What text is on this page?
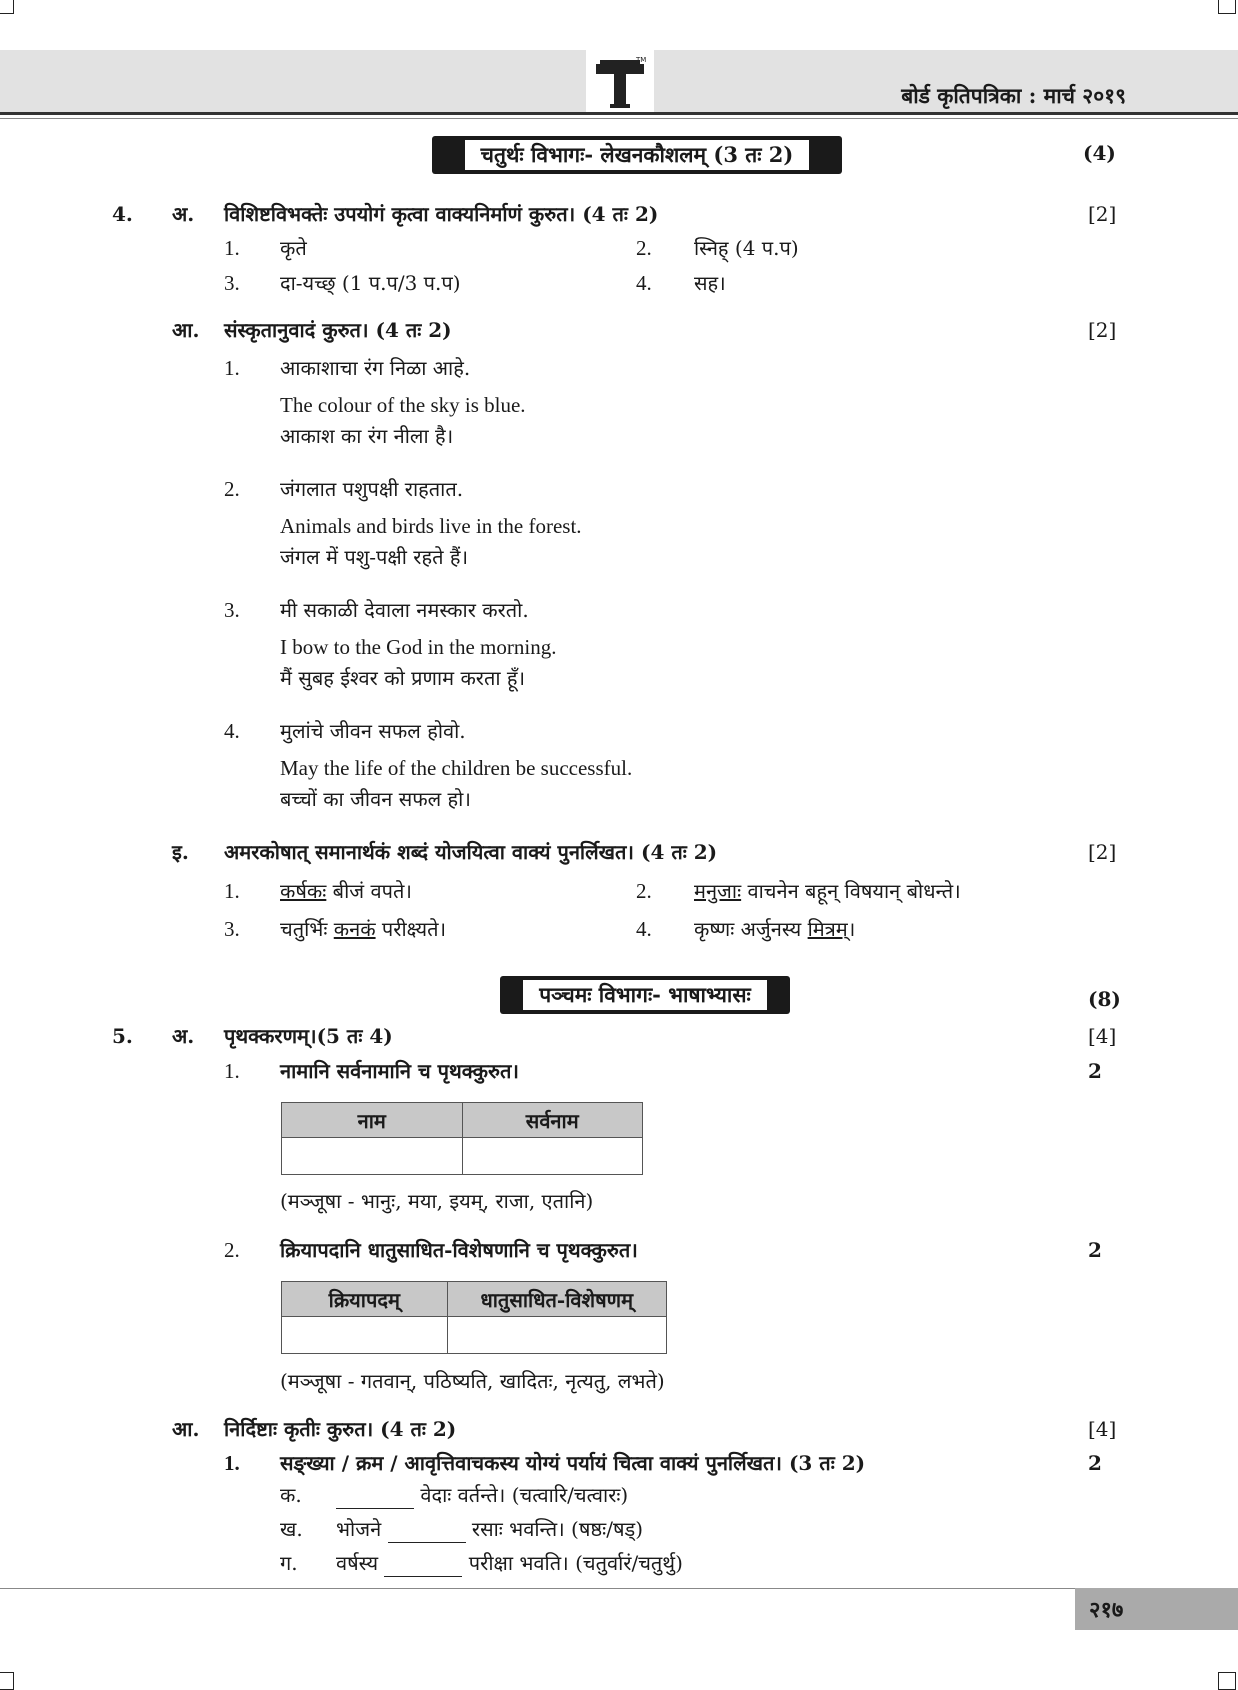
TM
बोर्ड कृतिपत्रिका : मार्च २०१९
चतुर्थः विभागः- लेखनकौशलम् (3 तः 2)	(4)
4. अ. विशिष्टविभक्तेः उपयोगं कृत्वा वाक्यनिर्माणं कुरुत। (4 तः 2)	[2]
1. कृते	2. स्निह् (4 प.प)
3. दा-यच्छ् (1 प.प/3 प.प)	4. सह।
आ. संस्कृतानुवादं कुरुत। (4 तः 2)	[2]
1. आकाशाचा रंग निळा आहे.
The colour of the sky is blue.
आकाश का रंग नीला है।
2. जंगलात पशुपक्षी राहतात.
Animals and birds live in the forest.
जंगल में पशु-पक्षी रहते हैं।
3. मी सकाळी देवाला नमस्कार करतो.
I bow to the God in the morning.
मैं सुबह ईश्वर को प्रणाम करता हूँ।
4. मुलांचे जीवन सफल होवो.
May the life of the children be successful.
बच्चों का जीवन सफल हो।
इ. अमरकोषात् समानार्थकं शब्दं योजयित्वा वाक्यं पुनर्लिखत। (4 तः 2)	[2]
1. कर्षकः बीजं वपते।	2. मनुजाः वाचनेन बहून् विषयान् बोधन्ते।
3. चतुर्भिः कनकं परीक्ष्यते।	4. कृष्णः अर्जुनस्य मित्रम्।
पञ्चमः विभागः- भाषाभ्यासः	(8)
5. अ. पृथक्करणम्।(5 तः 4)	[4]
1. नामानि सर्वनामानि च पृथक्कुरुत।	2
नाम	सर्वनाम

(मञ्जूषा - भानुः, मया, इयम्, राजा, एतानि)
2. क्रियापदानि धातुसाधित-विशेषणानि च पृथक्कुरुत।	2
क्रियापदम्	धातुसाधित-विशेषणम्

(मञ्जूषा - गतवान्, पठिष्यति, खादितः, नृत्यतु, लभते)
आ. निर्दिष्टाः कृतीः कुरुत। (4 तः 2)	[4]
1. सङ्ख्या / क्रम / आवृत्तिवाचकस्य योग्यं पर्यायं चित्वा वाक्यं पुनर्लिखत। (3 तः 2)	2
क.	वेदाः वर्तन्ते। (चत्वारि/चत्वारः)
ख. भोजने	रसाः भवन्ति। (षष्ठः/षड्)
ग. वर्षस्य	परीक्षा भवति। (चतुर्वारं/चतुर्थु)
२१७
